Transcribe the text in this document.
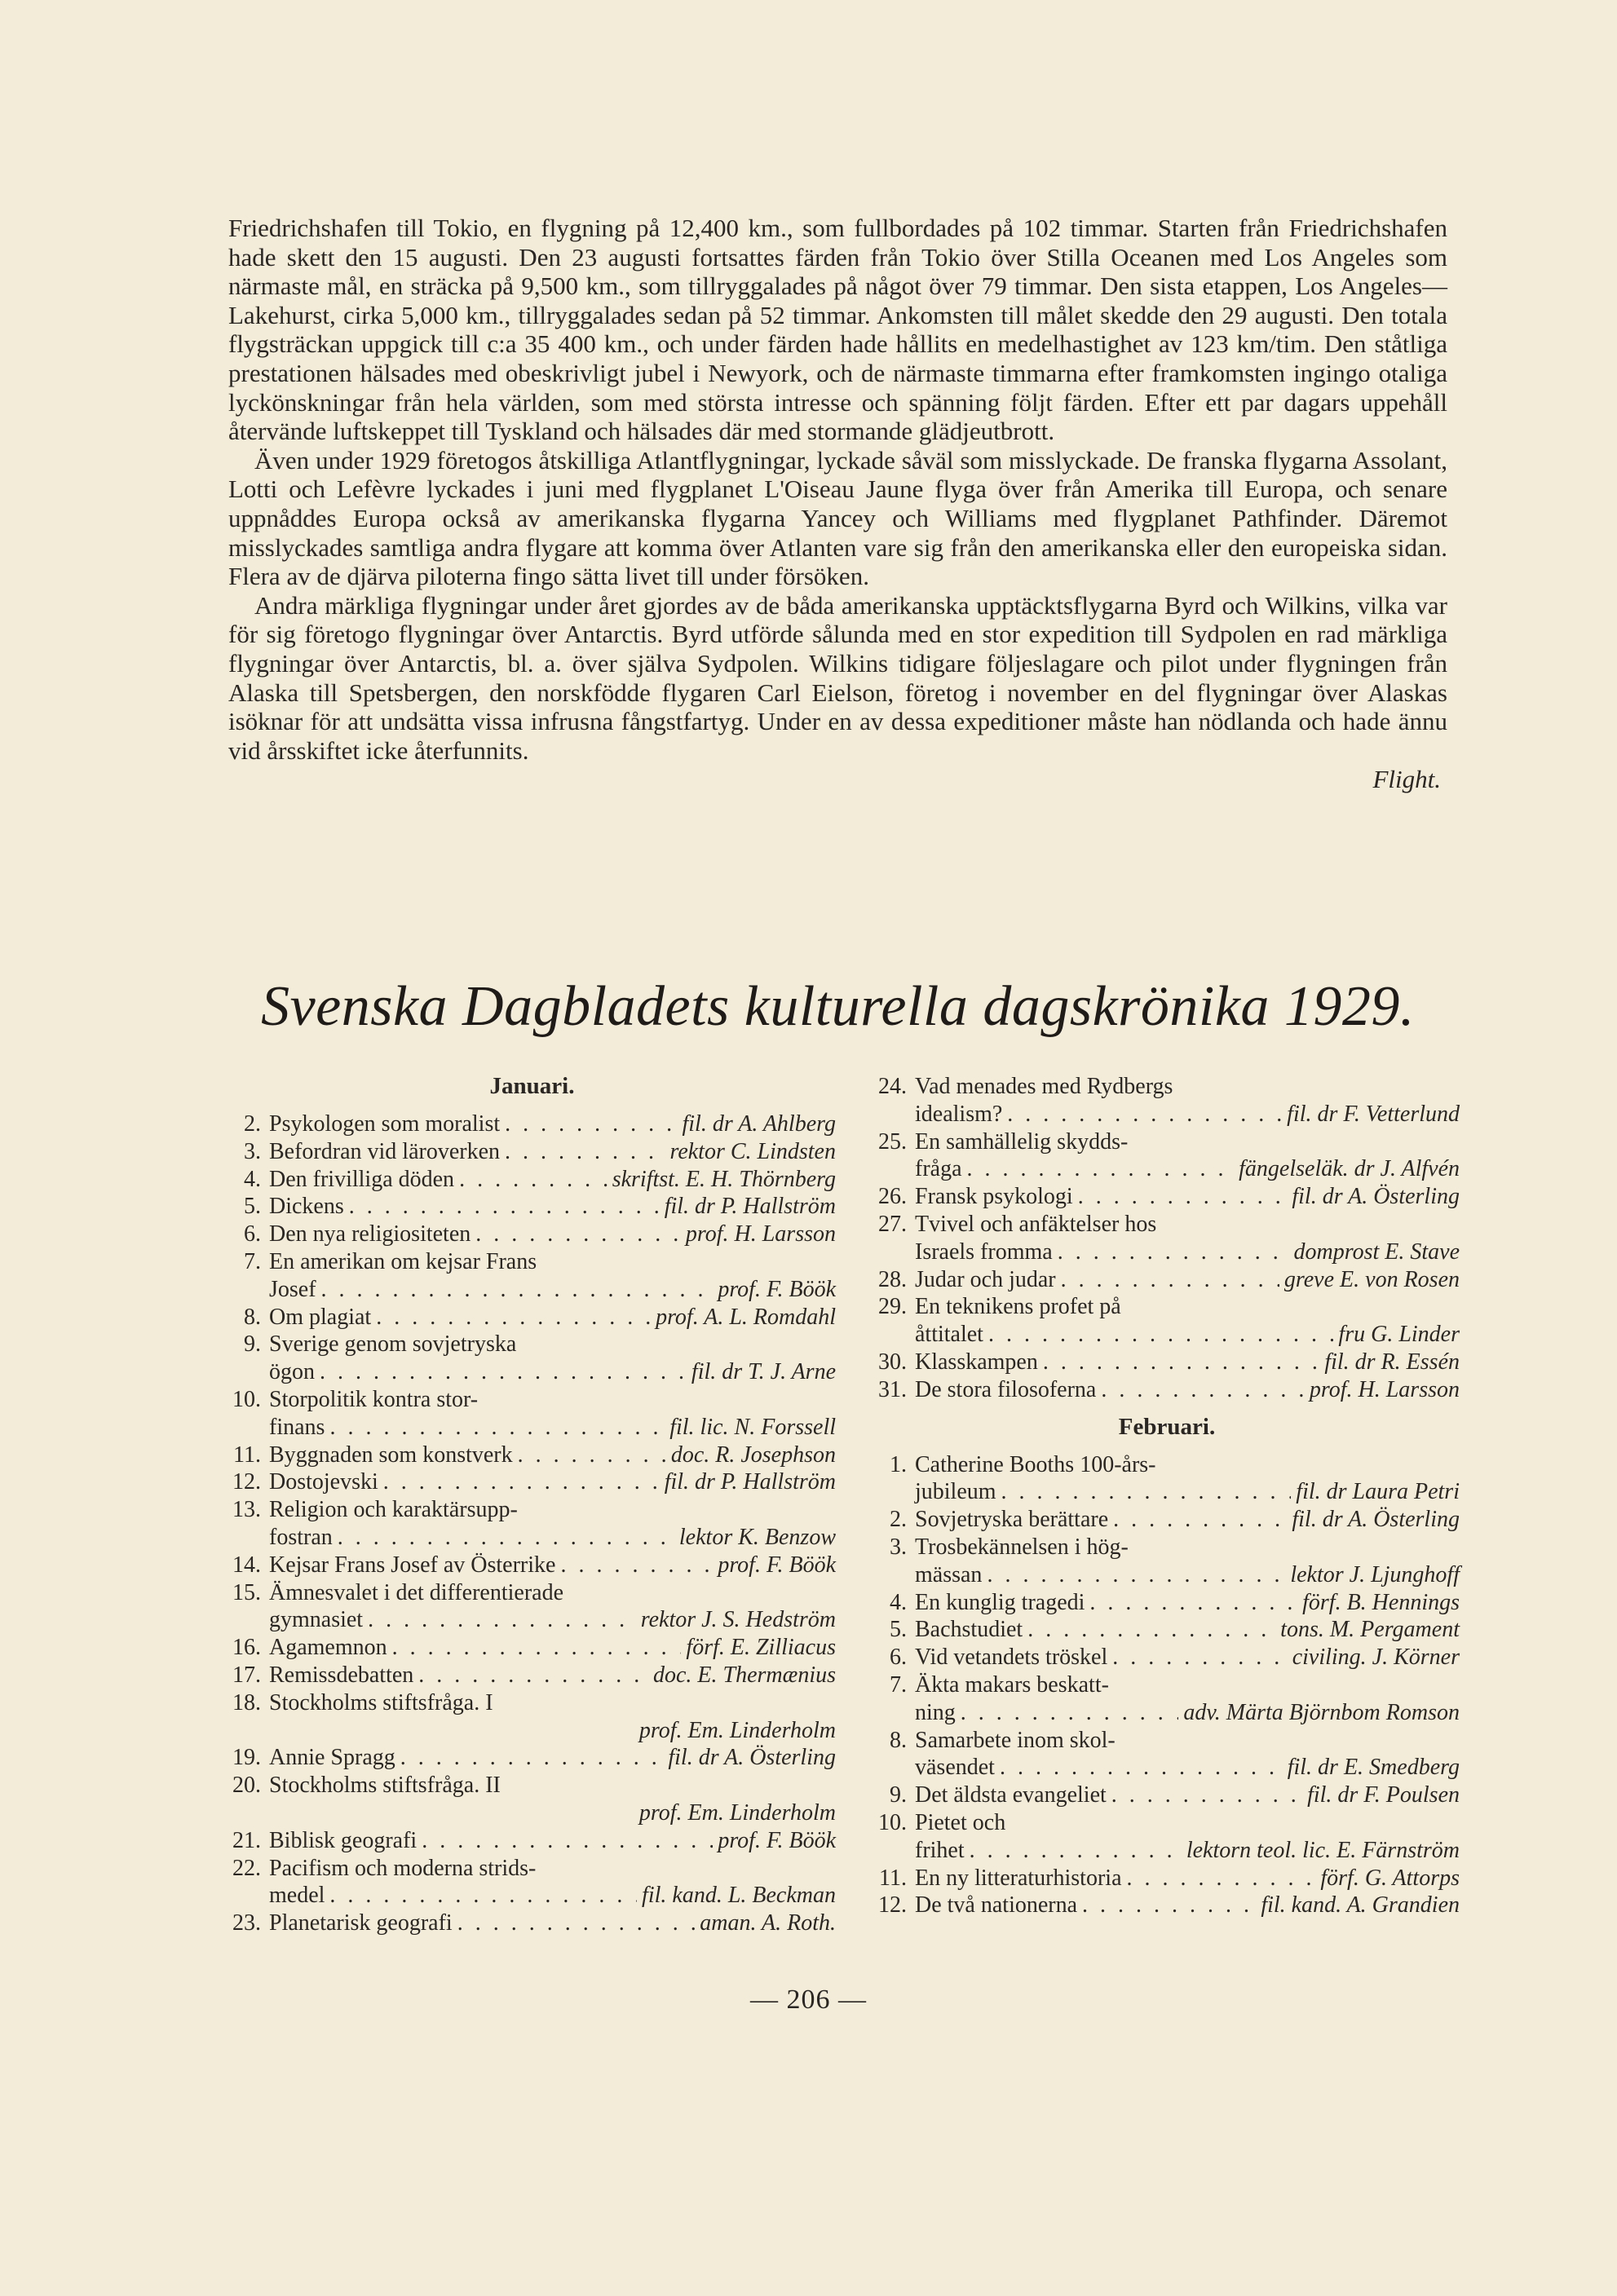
Friedrichshafen till Tokio, en flygning på 12,400 km., som fullbordades på 102 timmar. Starten från Friedrichshafen hade skett den 15 augusti. Den 23 augusti fortsattes färden från Tokio över Stilla Oceanen med Los Angeles som närmaste mål, en sträcka på 9,500 km., som tillryggalades på något över 79 timmar. Den sista etappen, Los Angeles—Lakehurst, cirka 5,000 km., tillryggalades sedan på 52 timmar. Ankomsten till målet skedde den 29 augusti. Den totala flygsträckan uppgick till c:a 35 400 km., och under färden hade hållits en medelhastighet av 123 km/tim. Den ståtliga prestationen hälsades med obeskrivligt jubel i Newyork, och de närmaste timmarna efter framkomsten ingingo otaliga lyckönskningar från hela världen, som med största intresse och spänning följt färden. Efter ett par dagars uppehåll återvände luftskeppet till Tyskland och hälsades där med stormande glädjeutbrott.

Även under 1929 företogos åtskilliga Atlantflygningar, lyckade såväl som misslyckade. De franska flygarna Assolant, Lotti och Lefèvre lyckades i juni med flygplanet L'Oiseau Jaune flyga över från Amerika till Europa, och senare uppnåddes Europa också av amerikanska flygarna Yancey och Williams med flygplanet Pathfinder. Däremot misslyckades samtliga andra flygare att komma över Atlanten vare sig från den amerikanska eller den europeiska sidan. Flera av de djärva piloterna fingo sätta livet till under försöken.

Andra märkliga flygningar under året gjordes av de båda amerikanska upptäcktsflygarna Byrd och Wilkins, vilka var för sig företogo flygningar över Antarctis. Byrd utförde sålunda med en stor expedition till Sydpolen en rad märkliga flygningar över Antarctis, bl. a. över själva Sydpolen. Wilkins tidigare följeslagare och pilot under flygningen från Alaska till Spetsbergen, den norskfödde flygaren Carl Eielson, företog i november en del flygningar över Alaskas isöknar för att undsätta vissa infrusna fångstfartyg. Under en av dessa expeditioner måste han nödlanda och hade ännu vid årsskiftet icke återfunnits.

Flight.
Svenska Dagbladets kulturella dagskrönika 1929.
Januari.
2. Psykologen som moralist . . .	fil. dr A. Ahlberg
3. Befordran vid läroverken . . .	rektor C. Lindsten
4. Den frivilliga döden . . .	skriftst. E. H. Thörnberg
5. Dickens . . .	fil. dr P. Hallström
6. Den nya religiositeten . . .	prof. H. Larsson
7. En amerikan om kejsar Frans
Josef . . .	prof. F. Böök
8. Om plagiat . . .	prof. A. L. Romdahl
9. Sverige genom sovjetryska
ögon . . .	fil. dr T. J. Arne
10. Storpolitik kontra stor-
finans . . .	fil. lic. N. Forssell
11. Byggnaden som konstverk . . .	doc. R. Josephson
12. Dostojevski . . .	fil. dr P. Hallström
13. Religion och karaktärsupp-
fostran . . .	lektor K. Benzow
14. Kejsar Frans Josef av Österrike . . .	prof. F. Böök
15. Ämnesvalet i det differentierade
gymnasiet . . .	rektor J. S. Hedström
16. Agamemnon . . .	förf. E. Zilliacus
17. Remissdebatten . . .	doc. E. Thermænius
18. Stockholms stiftsfråga. I
prof. Em. Linderholm
19. Annie Spragg . . .	fil. dr A. Österling
20. Stockholms stiftsfråga. II
prof. Em. Linderholm
21. Biblisk geografi . . .	prof. F. Böök
22. Pacifism och moderna strids-
medel . . .	fil. kand. L. Beckman
23. Planetarisk geografi . . .	aman. A. Roth.
24. Vad menades med Rydbergs
idealism? . . .	fil. dr F. Vetterlund
25. En samhällelig skydds-
fråga . . .	fängelseläk. dr J. Alfvén
26. Fransk psykologi . . .	fil. dr A. Österling
27. Tvivel och anfäktelser hos
Israels fromma . . .	domprost E. Stave
28. Judar och judar . . .	greve E. von Rosen
29. En teknikens profet på
åttitalet . . .	fru G. Linder
30. Klasskampen . . .	fil. dr R. Essén
31. De stora filosoferna . . .	prof. H. Larsson
Februari.
1. Catherine Booths 100-års-
jubileum . . .	fil. dr Laura Petri
2. Sovjetryska berättare . . .	fil. dr A. Österling
3. Trosbekännelsen i hög-
mässan . . .	lektor J. Ljunghoff
4. En kunglig tragedi . . .	förf. B. Hennings
5. Bachstudiet . . .	tons. M. Pergament
6. Vid vetandets tröskel . . .	civiling. J. Körner
7. Äkta makars beskatt-
ning . . .	adv. Märta Björnbom Romson
8. Samarbete inom skol-
väsendet . . .	fil. dr E. Smedberg
9. Det äldsta evangeliet . . .	fil. dr F. Poulsen
10. Pietet och
frihet . . .	lektorn teol. lic. E. Färnström
11. En ny litteraturhistoria . . .	förf. G. Attorps
12. De två nationerna . . .	fil. kand. A. Grandien
— 206 —
